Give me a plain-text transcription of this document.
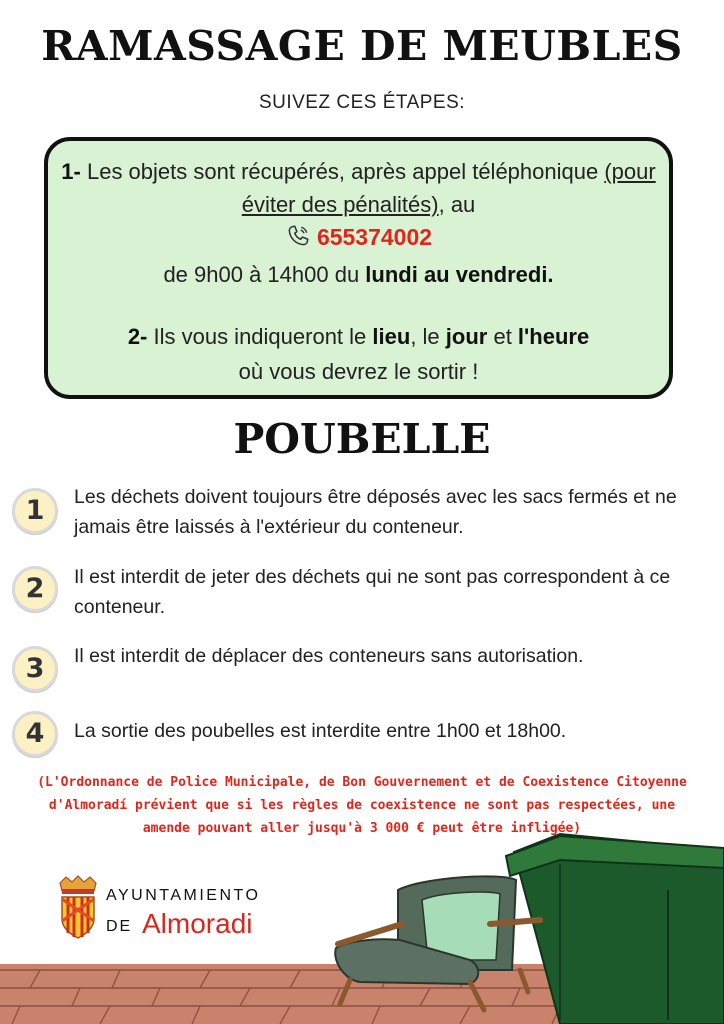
RAMASSAGE DE MEUBLES
SUIVEZ CES ÉTAPES:
1- Les objets sont récupérés, après appel téléphonique (pour éviter des pénalités), au
655374002
de 9h00 à 14h00 du lundi au vendredi.
2- Ils vous indiqueront le lieu, le jour et l'heure
où vous devrez le sortir !
POUBELLE
1	Les déchets doivent toujours être déposés avec les sacs fermés et ne jamais être laissés à l'extérieur du conteneur.
2	Il est interdit de jeter des déchets qui ne sont pas correspondent à ce conteneur.
3	Il est interdit de déplacer des conteneurs sans autorisation.
4	La sortie des poubelles est interdite entre 1h00 et 18h00.
(L'Ordonnance de Police Municipale, de Bon Gouvernement et de Coexistence Citoyenne d'Almoradí prévient que si les règles de coexistence ne sont pas respectées, une amende pouvant aller jusqu'à 3 000 € peut être infligée)
AYUNTAMIENTO
DE Almoradi
